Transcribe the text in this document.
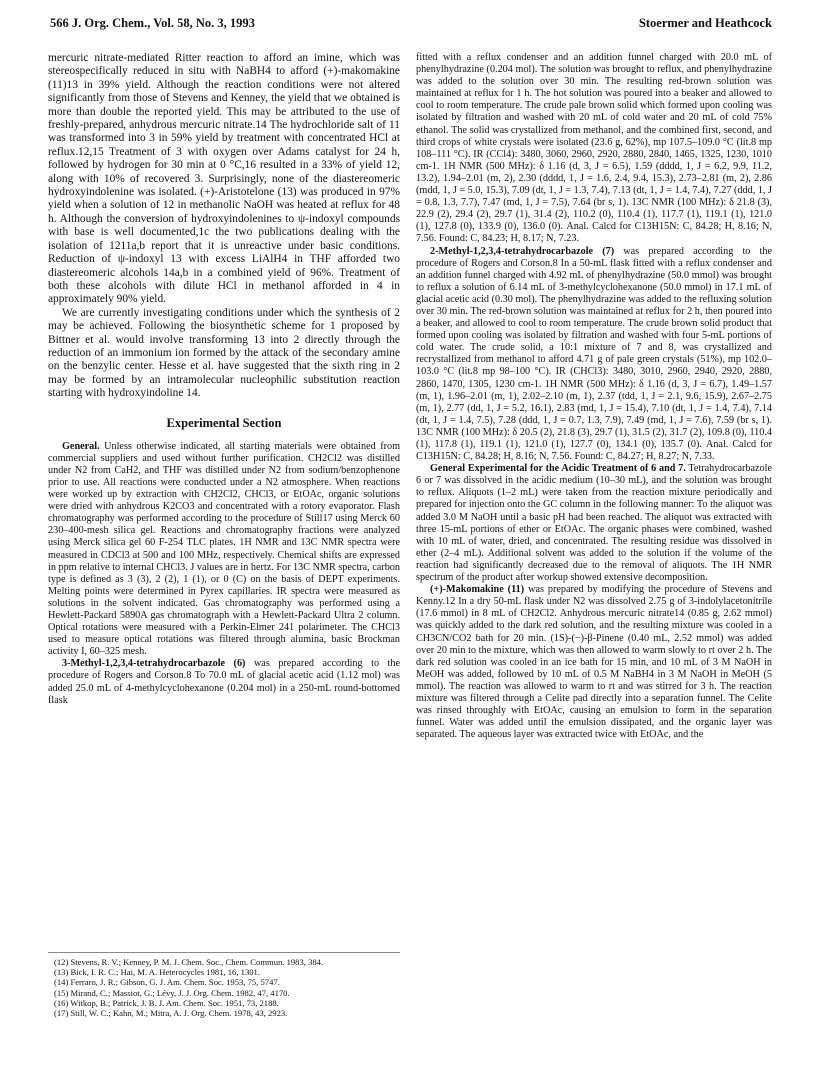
566 J. Org. Chem., Vol. 58, No. 3, 1993	Stoermer and Heathcock

mercuric nitrate-mediated Ritter reaction to afford an imine, which was stereospecifically reduced in situ with NaBH4 to afford (+)-makomakine (11)13 in 39% yield. Although the reaction conditions were not altered significantly from those of Stevens and Kenney, the yield that we obtained is more than double the reported yield. This may be attributed to the use of freshly-prepared, anhydrous mercuric nitrate.14 The hydrochloride salt of 11 was transformed into 3 in 59% yield by treatment with concentrated HCl at reflux.12,15 Treatment of 3 with oxygen over Adams catalyst for 24 h, followed by hydrogen for 30 min at 0 °C,16 resulted in a 33% of yield 12, along with 10% of recovered 3. Surprisingly, none of the diastereomeric hydroxyindolenine was isolated. (+)-Aristotelone (13) was produced in 97% yield when a solution of 12 in methanolic NaOH was heated at reflux for 48 h. Although the conversion of hydroxyindolenines to ψ-indoxyl compounds with base is well documented,1c the two publications dealing with the isolation of 1211a,b report that it is unreactive under basic conditions. Reduction of ψ-indoxyl 13 with excess LiAlH4 in THF afforded two diastereomeric alcohols 14a,b in a combined yield of 96%. Treatment of both these alcohols with dilute HCl in methanol afforded in 4 in approximately 90% yield.

We are currently investigating conditions under which the synthesis of 2 may be achieved. Following the biosynthetic scheme for 1 proposed by Bittner et al. would involve transforming 13 into 2 directly through the reduction of an immonium ion formed by the attack of the secondary amine on the benzylic center. Hesse et al. have suggested that the sixth ring in 2 may be formed by an intramolecular nucleophilic substitution reaction starting with hydroxyindoline 14.

Experimental Section

General. Unless otherwise indicated, all starting materials were obtained from commercial suppliers and used without further purification. CH2Cl2 was distilled under N2 from CaH2, and THF was distilled under N2 from sodium/benzophenone prior to use. All reactions were conducted under a N2 atmosphere. When reactions were worked up by extraction with CH2Cl2, CHCl3, or EtOAc, organic solutions were dried with anhydrous K2CO3 and concentrated with a rotory evaporator. Flash chromatography was performed according to the procedure of Still17 using Merck 60 230–400-mesh silica gel. Reactions and chromatography fractions were analyzed using Merck silica gel 60 F-254 TLC plates. 1H NMR and 13C NMR spectra were measured in CDCl3 at 500 and 100 MHz, respectively. Chemical shifts are expressed in ppm relative to internal CHCl3. J values are in hertz. For 13C NMR spectra, carbon type is defined as 3 (3), 2 (2), 1 (1), or 0 (C) on the basis of DEPT experiments. Melting points were determined in Pyrex capillaries. IR spectra were measured as solutions in the solvent indicated. Gas chromatography was performed using a Hewlett-Packard 5890A gas chromatograph with a Hewlett-Packard Ultra 2 column. Optical rotations were measured with a Perkin-Elmer 241 polarimeter. The CHCl3 used to measure optical rotations was filtered through alumina, basic Brockman activity I, 60–325 mesh.

3-Methyl-1,2,3,4-tetrahydrocarbazole (6) was prepared according to the procedure of Rogers and Corson.8 To 70.0 mL of glacial acetic acid (1.12 mol) was added 25.0 mL of 4-methylcyclohexanone (0.204 mol) in a 250-mL round-bottomed flask

(12) Stevens, R. V.; Kenney, P. M. J. Chem. Soc., Chem. Commun. 1983, 384.
(13) Bick, I. R. C.; Hai, M. A. Heterocycles 1981, 16, 1301.
(14) Ferraro, J. R.; Gibson, G. J. Am. Chem. Soc. 1953, 75, 5747.
(15) Mirand, C.; Massiot, G.; Lévy, J. J. Org. Chem. 1982, 47, 4170.
(16) Witkop, B.; Patrick, J. B. J. Am. Chem. Soc. 1951, 73, 2188.
(17) Still, W. C.; Kahn, M.; Mitra, A. J. Org. Chem. 1978, 43, 2923.

fitted with a reflux condenser and an addition funnel charged with 20.0 mL of phenylhydrazine (0.204 mol). The solution was brought to reflux, and phenylhydrazine was added to the solution over 30 min. The resulting red-brown solution was maintained at reflux for 1 h. The hot solution was poured into a beaker and allowed to cool to room temperature. The crude pale brown solid which formed upon cooling was isolated by filtration and washed with 20 mL of cold water and 20 mL of cold 75% ethanol. The solid was crystallized from methanol, and the combined first, second, and third crops of white crystals were isolated (23.6 g, 62%), mp 107.5–109.0 °C (lit.8 mp 108–111 °C). IR (CCl4): 3480, 3060, 2960, 2920, 2880, 2840, 1465, 1325, 1230, 1010 cm-1. 1H NMR (500 MHz): δ 1.16 (d, 3, J = 6.5), 1.59 (dddd, 1, J = 6.2, 9.9, 11.2, 13.2), 1.94–2.01 (m, 2), 2.30 (dddd, 1, J = 1.6, 2.4, 9.4, 15.3), 2.73–2.81 (m, 2), 2.86 (mdd, 1, J = 5.0, 15.3), 7.09 (dt, 1, J = 1.3, 7.4), 7.13 (dt, 1, J = 1.4, 7.4), 7.27 (ddd, 1, J = 0.8, 1.3, 7.7), 7.47 (md, 1, J = 7.5), 7.64 (br s, 1). 13C NMR (100 MHz): δ 21.8 (3), 22.9 (2), 29.4 (2), 29.7 (1), 31.4 (2), 110.2 (0), 110.4 (1), 117.7 (1), 119.1 (1), 121.0 (1), 127.8 (0), 133.9 (0), 136.0 (0). Anal. Calcd for C13H15N: C, 84.28; H, 8.16; N, 7.56. Found: C, 84.23; H, 8.17; N, 7.23.

2-Methyl-1,2,3,4-tetrahydrocarbazole (7) was prepared according to the procedure of Rogers and Corson.8 In a 50-mL flask fitted with a reflux condenser and an addition funnel charged with 4.92 mL of phenylhydrazine (50.0 mmol) was brought to reflux a solution of 6.14 mL of 3-methylcyclohexanone (50.0 mmol) in 17.1 mL of glacial acetic acid (0.30 mol). The phenylhydrazine was added to the refluxing solution over 30 min. The red-brown solution was maintained at reflux for 2 h, then poured into a beaker, and allowed to cool to room temperature. The crude brown solid product that formed upon cooling was isolated by filtration and washed with four 5-mL portions of cold water. The crude solid, a 10:1 mixture of 7 and 8, was crystallized and recrystallized from methanol to afford 4.71 g of pale green crystals (51%), mp 102.0–103.0 °C (lit.8 mp 98–100 °C). IR (CHCl3): 3480, 3010, 2960, 2940, 2920, 2880, 2860, 1470, 1305, 1230 cm-1. 1H NMR (500 MHz): δ 1.16 (d, 3, J = 6.7), 1.49–1.57 (m, 1), 1.96–2.01 (m, 1), 2.02–2.10 (m, 1), 2.37 (tdd, 1, J = 2.1, 9.6, 15.9), 2.67–2.75 (m, 1), 2.77 (dd, 1, J = 5.2, 16.1), 2.83 (md, 1, J = 15.4), 7.10 (dt, 1, J = 1.4, 7.4), 7.14 (dt, 1, J = 1.4, 7.5), 7.28 (ddd, 1, J = 0.7, 1.3, 7.9), 7.49 (md, 1, J = 7.6), 7.59 (br s, 1). 13C NMR (100 MHz): δ 20.5 (2), 21.8 (3), 29.7 (1), 31.5 (2), 31.7 (2), 109.8 (0), 110.4 (1), 117.8 (1), 119.1 (1), 121.0 (1), 127.7 (0), 134.1 (0), 135.7 (0). Anal. Calcd for C13H15N: C, 84.28; H, 8.16; N, 7.56. Found: C, 84.27; H, 8.27; N, 7.33.

General Experimental for the Acidic Treatment of 6 and 7. Tetrahydrocarbazole 6 or 7 was dissolved in the acidic medium (10–30 mL), and the solution was brought to reflux. Aliquots (1–2 mL) were taken from the reaction mixture periodically and prepared for injection onto the GC column in the following manner: To the aliquot was added 3.0 M NaOH until a basic pH had been reached. The aliquot was extracted with three 15-mL portions of ether or EtOAc. The organic phases were combined, washed with 10 mL of water, dried, and concentrated. The resulting residue was dissolved in ether (2–4 mL). Additional solvent was added to the solution if the volume of the reaction had significantly decreased due to the removal of aliquots. The 1H NMR spectrum of the product after workup showed extensive decomposition.

(+)-Makomakine (11) was prepared by modifying the procedure of Stevens and Kenny.12 In a dry 50-mL flask under N2 was dissolved 2.75 g of 3-indolylacetonitrile (17.6 mmol) in 8 mL of CH2Cl2. Anhydrous mercuric nitrate14 (0.85 g, 2.62 mmol) was quickly added to the dark red solution, and the resulting mixture was cooled in a CH3CN/CO2 bath for 20 min. (1S)-(−)-β-Pinene (0.40 mL, 2.52 mmol) was added over 20 min to the mixture, which was then allowed to warm slowly to rt over 2 h. The dark red solution was cooled in an ice bath for 15 min, and 10 mL of 3 M NaOH in MeOH was added, followed by 10 mL of 0.5 M NaBH4 in 3 M NaOH in MeOH (5 mmol). The reaction was allowed to warm to rt and was stirred for 3 h. The reaction mixture was filtered through a Celite pad directly into a separation funnel. The Celite was rinsed throughly with EtOAc, causing an emulsion to form in the separation funnel. Water was added until the emulsion dissipated, and the organic layer was separated. The aqueous layer was extracted twice with EtOAc, and the
